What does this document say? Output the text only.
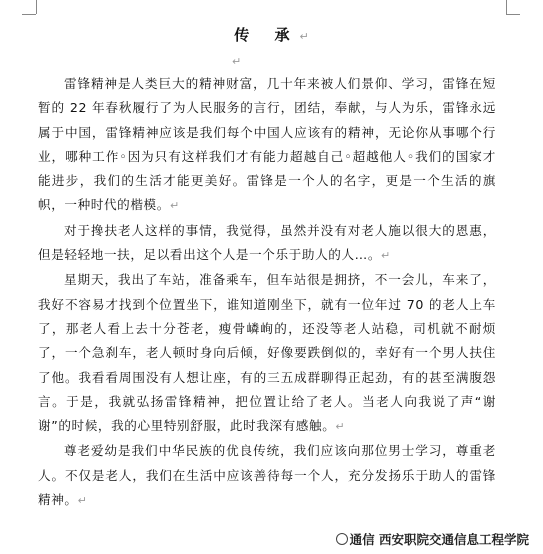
传 承↵
↵

雷锋精神是人类巨大的精神财富，几十年来被人们景仰、学习，雷锋在短暂的 22 年春秋履行了为人民服务的言行，团结，奉献，与人为乐，雷锋永远属于中国，雷锋精神应该是我们每个中国人应该有的精神，无论你从事哪个行业，哪种工作◦因为只有这样我们才有能力超越自己◦超越他人◦我们的国家才能进步，我们的生活才能更美好。雷锋是一个人的名字，更是一个生活的旗帜，一种时代的楷模。↵

对于搀扶老人这样的事情，我觉得，虽然并没有对老人施以很大的恩惠，但是轻轻地一扶，足以看出这个人是一个乐于助人的人…。↵

星期天，我出了车站，准备乘车，但车站很是拥挤，不一会儿，车来了，我好不容易才找到个位置坐下，谁知道刚坐下，就有一位年过 70 的老人上车了，那老人看上去十分苍老，瘦骨嶙峋的，还没等老人站稳，司机就不耐烦了，一个急刹车，老人顿时身向后倾，好像要跌倒似的，幸好有一个男人扶住了他。我看看周围没有人想让座，有的三五成群聊得正起劲，有的甚至满腹怨言。于是，我就弘扬雷锋精神，把位置让给了老人。当老人向我说了声“谢谢”的时候，我的心里特别舒服，此时我深有感触。↵

尊老爱幼是我们中华民族的优良传统，我们应该向那位男士学习，尊重老人。不仅是老人，我们在生活中应该善待每一个人，充分发扬乐于助人的雷锋精神。↵

通信 西安职院交通信息工程学院
